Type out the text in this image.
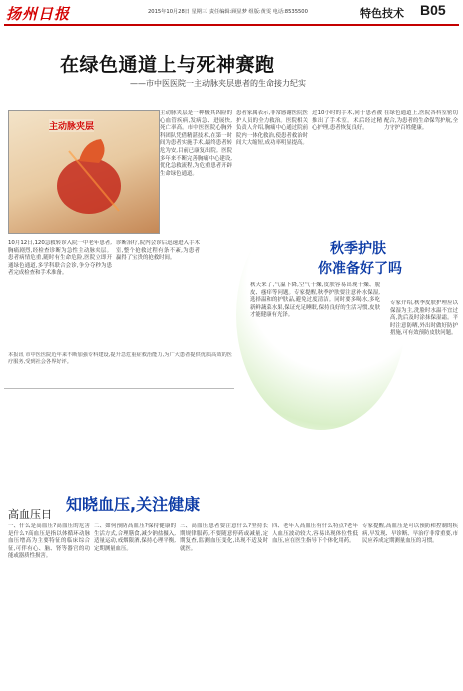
扬州日报	2015年10月28日 星期三 责任编辑:顾显梦 组版:黄雯 电话:8535500	特色技术 B05
在绿色通道上与死神赛跑
——市中医医院一主动脉夹层患者的生命接力纪实
主动脉夹层
10月12日,120急救转诊入院一中老年患者,胸痛剧烈,经检查诊断为急性主动脉夹层。患者病情危重,随时有生命危险,医院立即开通绿色通道,多学科联合会诊,争分夺秒为患者完成检查和手术准备。
诊断治疗,院内会诊后迅速进入手术室,整个抢救过程有条不紊,为患者赢得了宝贵的抢救时间。
主动脉夹层是一种极其凶险的心血管疾病,发病急、进展快,死亡率高。市中医医院心胸外科团队凭借精湛技术,在第一时间为患者实施手术,最终患者转危为安,目前已康复出院。医院多年来不断完善胸痛中心建设,优化急救流程,为危重患者开辟生命绿色通道。
患者家属表示,非常感谢医院医护人员的全力救治。医院相关负责人介绍,胸痛中心通过院前院内一体化救治,使患者救治时间大大缩短,成功率明显提高。
过10小时的手术,同于患者被推出了手术室。术后经过精心护理,患者恢复良好。
在绿色通道上,医院各科室密切配合,为患者的生命保驾护航,全力守护百姓健康。
本报讯 市中医医院近年来不断加强专科建设,提升急危重症救治能力,为广大患者提供优质高效的医疗服务,受到社会各界好评。
秋季护肤
你准备好了吗
秋天来了,气温下降,空气干燥,皮肤容易出现干燥、脱皮、瘙痒等问题。专家提醒,秋季护肤要注意补水保湿,选择温和的护肤品,避免过度清洁。同时要多喝水,多吃新鲜蔬菜水果,保证充足睡眠,保持良好的生活习惯,皮肤才能健康有光泽。
专家介绍,秋季皮肤护理应以保湿为主,洗脸时水温不宜过高,洗后及时涂抹保湿霜。平时注意防晒,外出时做好防护措施,可有效预防皮肤问题。
高血压日
知晓血压,关注健康
一、什么是高血压?高血压的危害是什么?高血压是指以体循环动脉血压增高为主要特征的临床综合征,可伴有心、脑、肾等器官的功能或器质性损害。
二、如何预防高血压?保持健康的生活方式,合理膳食,减少钠盐摄入,适量运动,戒烟限酒,保持心理平衡,定期测量血压。
三、高血压患者要注意什么?坚持长期规律服药,不要随意停药或减量,定期复查,监测血压变化,出现不适及时就医。
四、老年人高血压有什么特点?老年人血压波动较大,容易出现体位性低血压,应在医生指导下个体化用药。
专家提醒,高血压是可以预防和控制的疾病,早发现、早诊断、早治疗非常重要,市民应养成定期测量血压的习惯。
